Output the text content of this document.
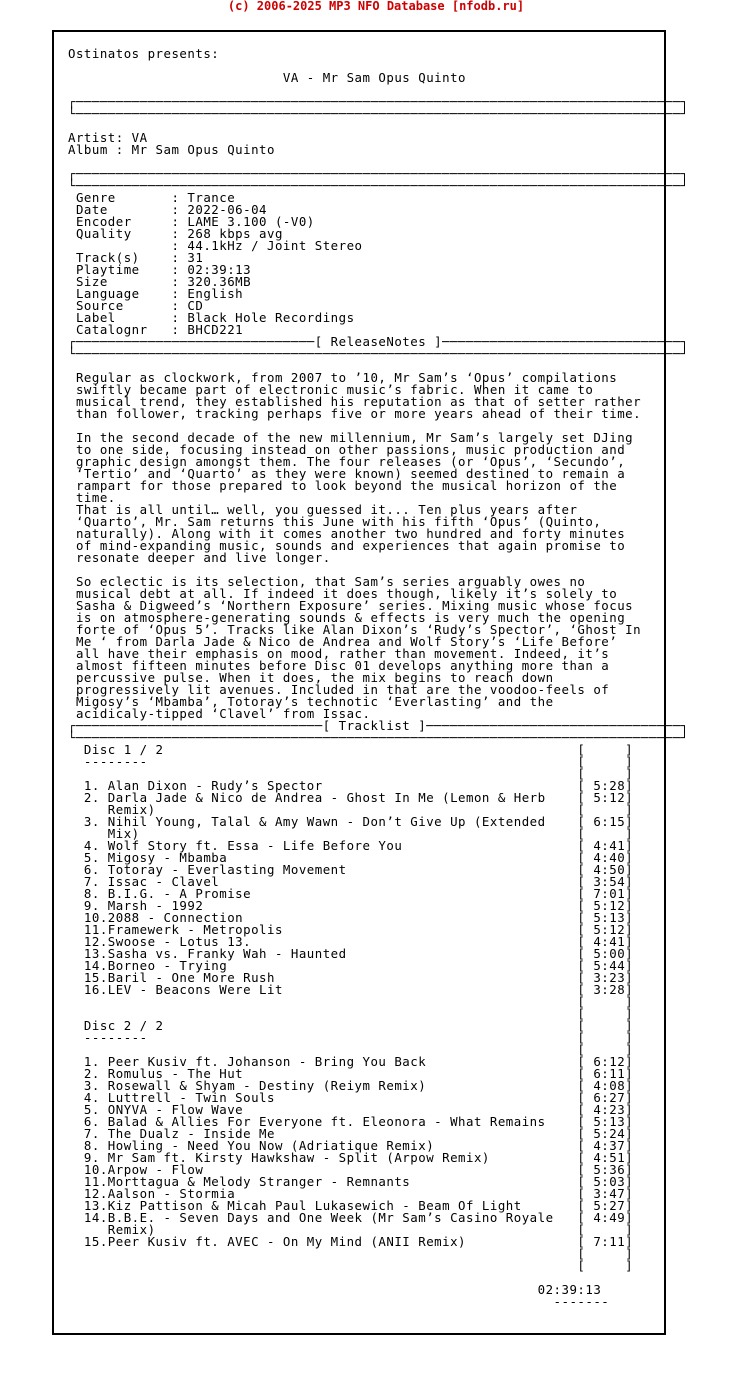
(c) 2006-2025 MP3 NFO Database [nfodb.ru]
Ostinatos presents:

VA - Mr Sam Opus Quinto

┌────────────────────────────────────────────────────────────────────────────┐
└────────────────────────────────────────────────────────────────────────────┘

Artist: VA
Album : Mr Sam Opus Quinto

┌────────────────────────────────────────────────────────────────────────────┐
└────────────────────────────────────────────────────────────────────────────┘
Genre       : Trance
Date        : 2022-06-04
Encoder     : LAME 3.100 (-V0)
Quality     : 268 kbps avg
: 44.1kHz / Joint Stereo
Track(s)    : 31
Playtime    : 02:39:13
Size        : 320.36MB
Language    : English
Source      : CD
Label       : Black Hole Recordings
Catalognr   : BHCD221
┌──────────────────────────────[ ReleaseNotes ]──────────────────────────────┐
└────────────────────────────────────────────────────────────────────────────┘

Regular as clockwork, from 2007 to ’10, Mr Sam’s ‘Opus’ compilations
swiftly became part of electronic music’s fabric. When it came to
musical trend, they established his reputation as that of setter rather
than follower, tracking perhaps five or more years ahead of their time.

In the second decade of the new millennium, Mr Sam’s largely set DJing
to one side, focusing instead on other passions, music production and
graphic design amongst them. The four releases (or ‘Opus’, ‘Secundo’,
‘Tertio’ and ‘Quarto’ as they were known) seemed destined to remain a
rampart for those prepared to look beyond the musical horizon of the
time.
That is all until… well, you guessed it... Ten plus years after
‘Quarto’, Mr. Sam returns this June with his fifth ‘Opus’ (Quinto,
naturally). Along with it comes another two hundred and forty minutes
of mind-expanding music, sounds and experiences that again promise to
resonate deeper and live longer.

So eclectic is its selection, that Sam’s series arguably owes no
musical debt at all. If indeed it does though, likely it’s solely to
Sasha & Digweed’s ‘Northern Exposure’ series. Mixing music whose focus
is on atmosphere-generating sounds & effects is very much the opening
forte of ‘Opus 5’. Tracks like Alan Dixon’s ‘Rudy’s Spector’, ‘Ghost In
Me ‘ from Darla Jade & Nico de Andrea and Wolf Story’s ‘Life Before’
all have their emphasis on mood, rather than movement. Indeed, it’s
almost fifteen minutes before Disc 01 develops anything more than a
percussive pulse. When it does, the mix begins to reach down
progressively lit avenues. Included in that are the voodoo-feels of
Migosy’s ‘Mbamba’, Totoray’s technotic ‘Everlasting’ and the
acidicaly-tipped ‘Clavel’ from Issac.
┌───────────────────────────────[ Tracklist ]────────────────────────────────┐
└────────────────────────────────────────────────────────────────────────────┘
Disc 1 / 2                                                    [     ]
--------                                                      [     ]
[     ]
1. Alan Dixon - Rudy’s Spector                                [ 5:28]
2. Darla Jade & Nico de Andrea - Ghost In Me (Lemon & Herb    [ 5:12]
Remix)                                                     [     ]
3. Nihil Young, Talal & Amy Wawn - Don’t Give Up (Extended    [ 6:15]
Mix)                                                       [     ]
4. Wolf Story ft. Essa - Life Before You                      [ 4:41]
5. Migosy - Mbamba                                            [ 4:40]
6. Totoray - Everlasting Movement                             [ 4:50]
7. Issac - Clavel                                             [ 3:54]
8. B.I.G. - A Promise                                         [ 7:01]
9. Marsh - 1992                                               [ 5:12]
10.2088 - Connection                                          [ 5:13]
11.Framewerk - Metropolis                                     [ 5:12]
12.Swoose - Lotus 13.                                         [ 4:41]
13.Sasha vs. Franky Wah - Haunted                             [ 5:00]
14.Borneo - Trying                                            [ 5:44]
15.Baril - One More Rush                                      [ 3:23]
16.LEV - Beacons Were Lit                                     [ 3:28]
[     ]
[     ]
Disc 2 / 2                                                    [     ]
--------                                                      [     ]
[     ]
1. Peer Kusiv ft. Johanson - Bring You Back                   [ 6:12]
2. Romulus - The Hut                                          [ 6:11]
3. Rosewall & Shyam - Destiny (Reiym Remix)                   [ 4:08]
4. Luttrell - Twin Souls                                      [ 6:27]
5. ONYVA - Flow Wave                                          [ 4:23]
6. Balad & Allies For Everyone ft. Eleonora - What Remains    [ 5:13]
7. The Dualz - Inside Me                                      [ 5:24]
8. Howling - Need You Now (Adriatique Remix)                  [ 4:37]
9. Mr Sam ft. Kirsty Hawkshaw - Split (Arpow Remix)           [ 4:51]
10.Arpow - Flow                                               [ 5:36]
11.Morttagua & Melody Stranger - Remnants                     [ 5:03]
12.Aalson - Stormia                                           [ 3:47]
13.Kiz Pattison & Micah Paul Lukasewich - Beam Of Light       [ 5:27]
14.B.B.E. - Seven Days and One Week (Mr Sam’s Casino Royale   [ 4:49]
Remix)                                                     [     ]
15.Peer Kusiv ft. AVEC - On My Mind (ANII Remix)              [ 7:11]
[     ]
[     ]

02:39:13
-------
